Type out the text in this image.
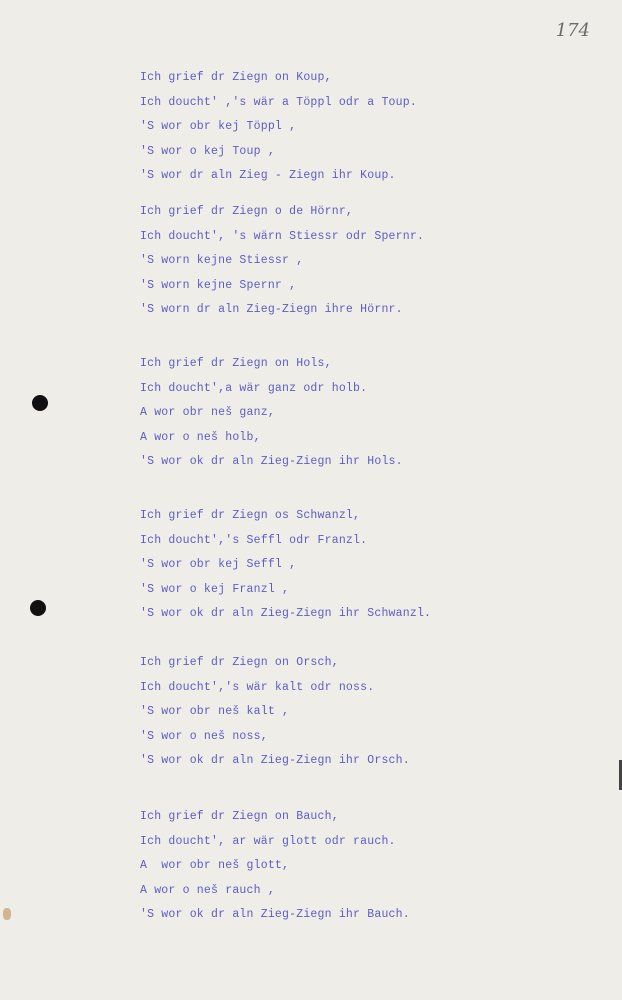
174
Ich grief dr Ziegn on Koup,
Ich doucht' ,'s wär a Töppl odr a Toup.
'S wor obr kej Töppl ,
'S wor o kej Toup ,
'S wor dr aln Zieg - Ziegn ihr Koup.
Ich grief dr Ziegn o de Hörnr,
Ich doucht', 's wärn Stiessr odr Spernr.
'S worn kejne Stiessr ,
'S worn kejne Spernr ,
'S worn dr aln Zieg-Ziegn ihre Hörnr.
Ich grief dr Ziegn on Hols,
Ich doucht',a wär ganz odr holb.
A wor obr neš ganz,
A wor o neš holb,
'S wor ok dr aln Zieg-Ziegn ihr Hols.
Ich grief dr Ziegn os Schwanzl,
Ich doucht','s Seffl odr Franzl.
'S wor obr kej Seffl ,
'S wor o kej Franzl ,
'S wor ok dr aln Zieg-Ziegn ihr Schwanzl.
Ich grief dr Ziegn on Orsch,
Ich doucht','s wär kalt odr noss.
'S wor obr neš kalt ,
'S wor o neš noss,
'S wor ok dr aln Zieg-Ziegn ihr Orsch.
Ich grief dr Ziegn on Bauch,
Ich doucht', ar wär glott odr rauch.
A  wor obr neš glott,
A wor o neš rauch ,
'S wor ok dr aln Zieg-Ziegn ihr Bauch.
